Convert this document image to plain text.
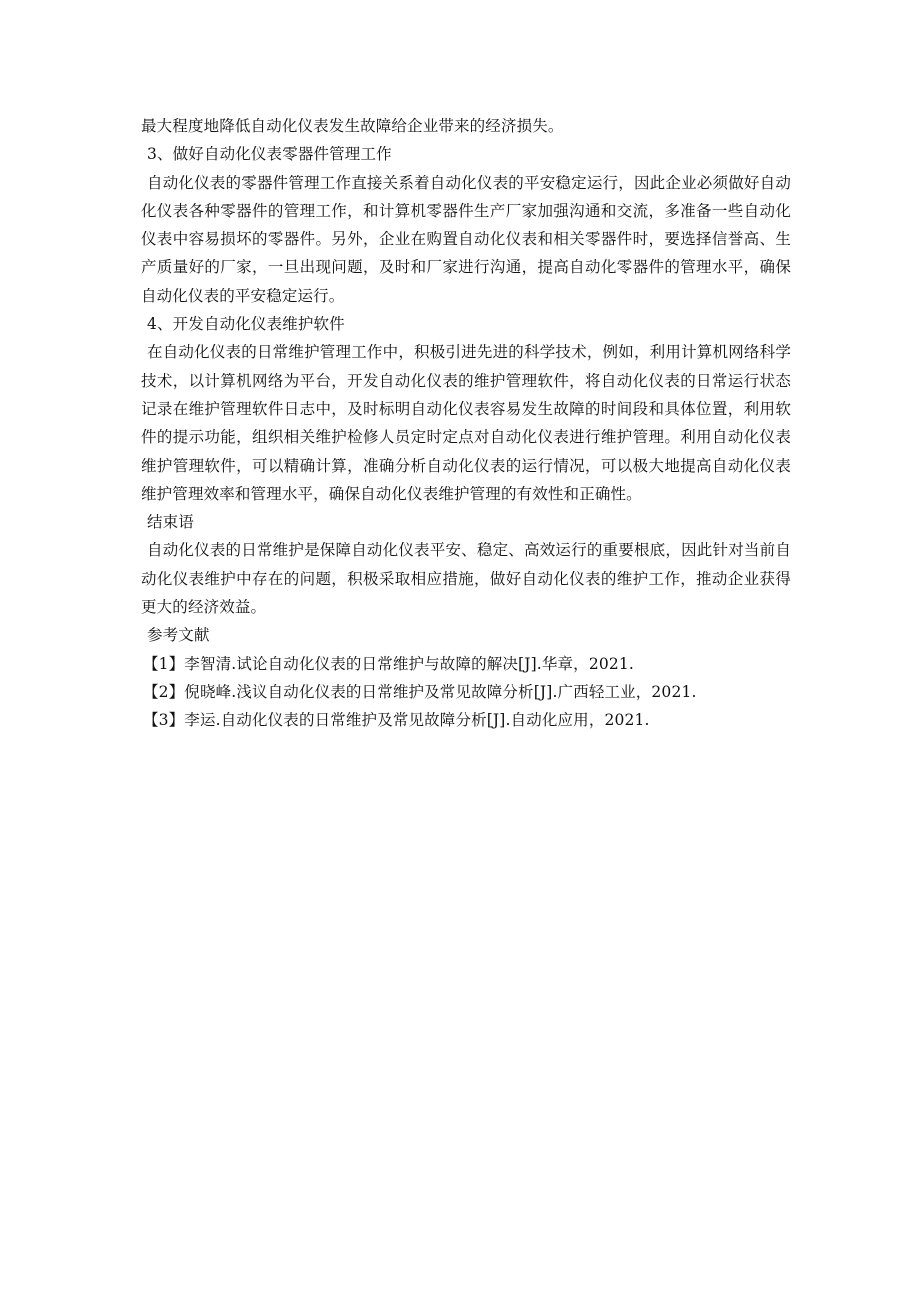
最大程度地降低自动化仪表发生故障给企业带来的经济损失。

3、做好自动化仪表零器件管理工作

自动化仪表的零器件管理工作直接关系着自动化仪表的平安稳定运行，因此企业必须做好自动化仪表各种零器件的管理工作，和计算机零器件生产厂家加强沟通和交流，多准备一些自动化仪表中容易损坏的零器件。另外，企业在购置自动化仪表和相关零器件时，要选择信誉高、生产质量好的厂家，一旦出现问题，及时和厂家进行沟通，提高自动化零器件的管理水平，确保自动化仪表的平安稳定运行。

4、开发自动化仪表维护软件

在自动化仪表的日常维护管理工作中，积极引进先进的科学技术，例如，利用计算机网络科学技术，以计算机网络为平台，开发自动化仪表的维护管理软件，将自动化仪表的日常运行状态记录在维护管理软件日志中，及时标明自动化仪表容易发生故障的时间段和具体位置，利用软件的提示功能，组织相关维护检修人员定时定点对自动化仪表进行维护管理。利用自动化仪表维护管理软件，可以精确计算，准确分析自动化仪表的运行情况，可以极大地提高自动化仪表维护管理效率和管理水平，确保自动化仪表维护管理的有效性和正确性。

结束语

自动化仪表的日常维护是保障自动化仪表平安、稳定、高效运行的重要根底，因此针对当前自动化仪表维护中存在的问题，积极采取相应措施，做好自动化仪表的维护工作，推动企业获得更大的经济效益。

参考文献

【1】李智清.试论自动化仪表的日常维护与故障的解决[J].华章，2021.

【2】倪晓峰.浅议自动化仪表的日常维护及常见故障分析[J].广西轻工业，2021.

【3】李运.自动化仪表的日常维护及常见故障分析[J].自动化应用，2021.
